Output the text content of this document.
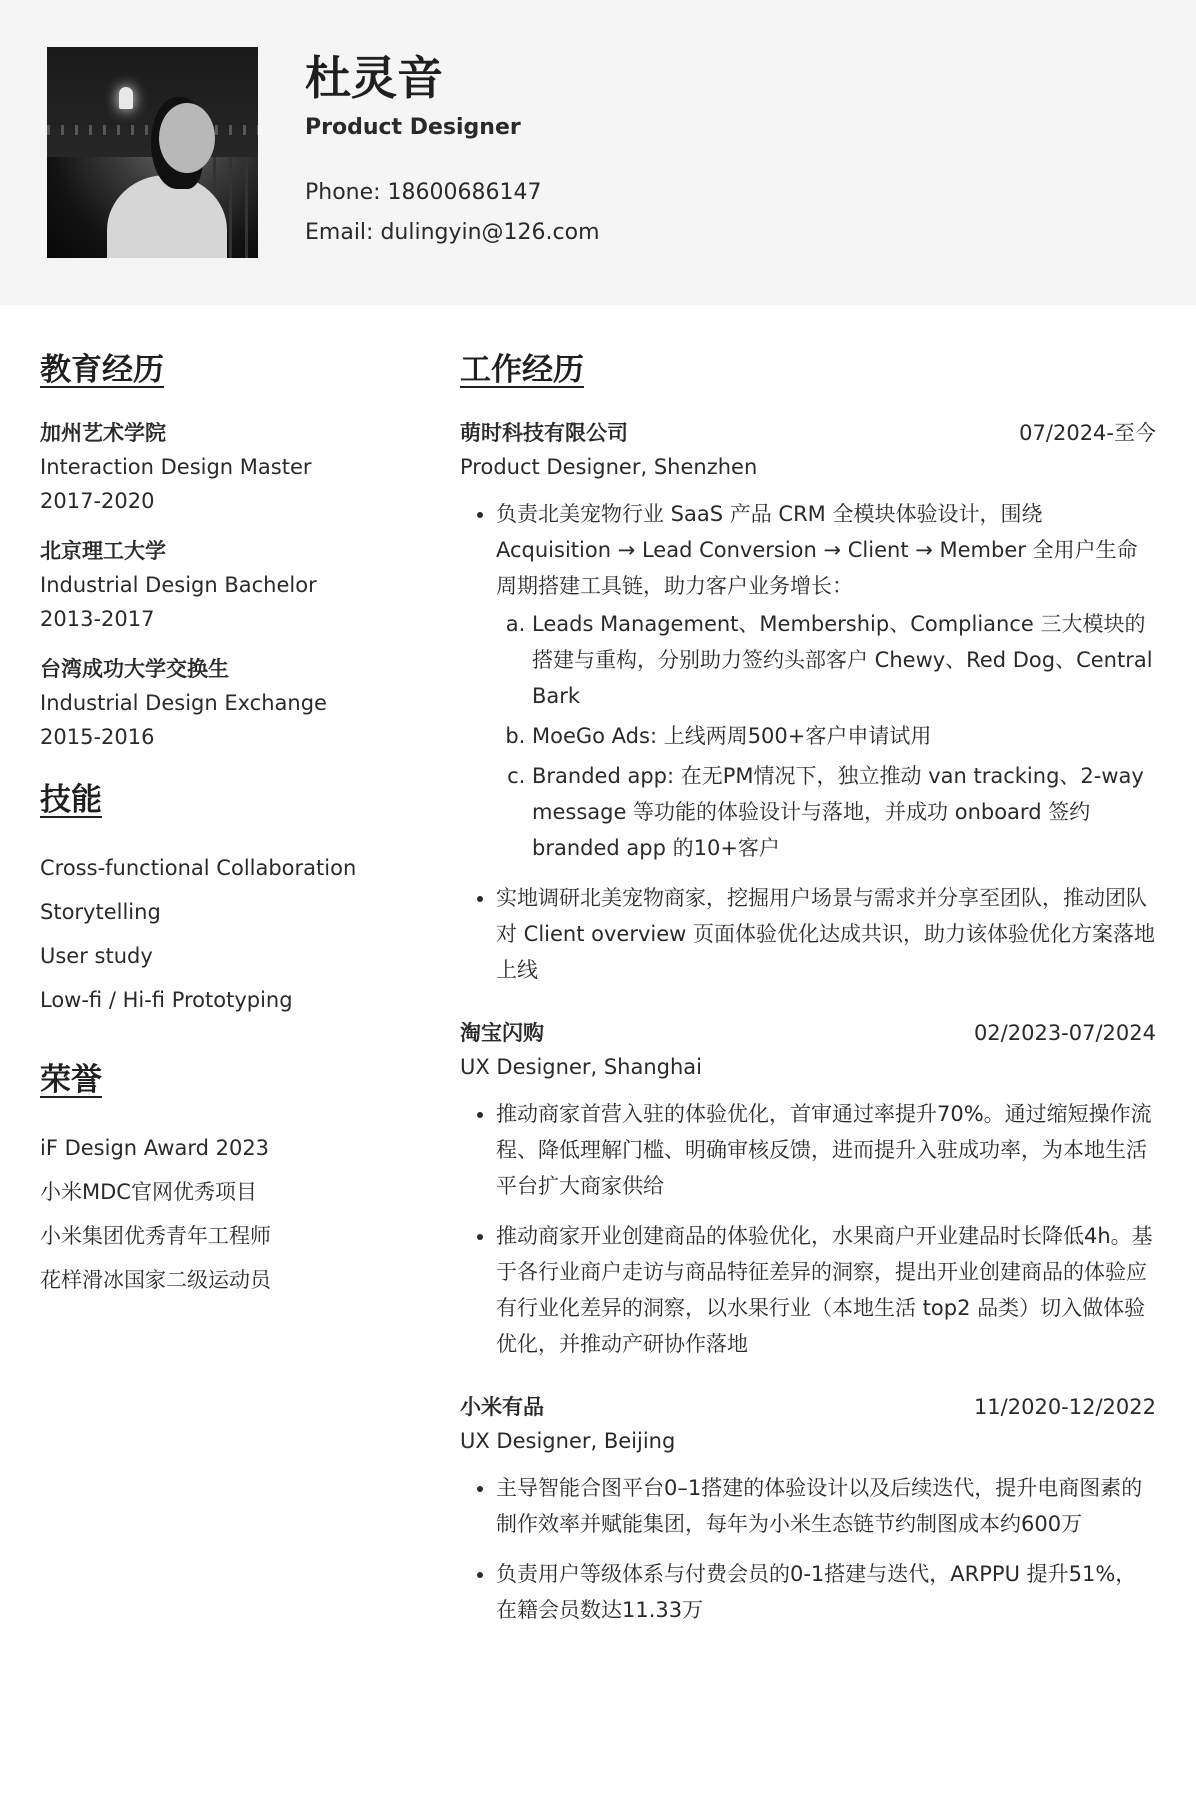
杜灵音
Product Designer
Phone: 18600686147
Email: dulingyin@126.com
教育经历
加州艺术学院
Interaction Design Master
2017-2020
北京理工大学
Industrial Design Bachelor
2013-2017
台湾成功大学交换生
Industrial Design Exchange
2015-2016
技能
Cross-functional Collaboration
Storytelling
User study
Low-fi / Hi-fi Prototyping
荣誉
iF Design Award 2023
小米MDC官网优秀项目
小米集团优秀青年工程师
花样滑冰国家二级运动员
工作经历
萌时科技有限公司	07/2024-至今
Product Designer, Shenzhen
• 负责北美宠物行业 SaaS 产品 CRM 全模块体验设计，围绕 Acquisition → Lead Conversion → Client → Member 全用户生命周期搭建工具链，助力客户业务增长：
a. Leads Management、Membership、Compliance 三大模块的搭建与重构，分别助力签约头部客户 Chewy、Red Dog、Central Bark
b. MoeGo Ads: 上线两周500+客户申请试用
c. Branded app: 在无PM情况下，独立推动 van tracking、2-way message 等功能的体验设计与落地，并成功 onboard 签约 branded app 的10+客户
• 实地调研北美宠物商家，挖掘用户场景与需求并分享至团队，推动团队对 Client overview 页面体验优化达成共识，助力该体验优化方案落地上线
淘宝闪购	02/2023-07/2024
UX Designer, Shanghai
• 推动商家首营入驻的体验优化，首审通过率提升70%。通过缩短操作流程、降低理解门槛、明确审核反馈，进而提升入驻成功率，为本地生活平台扩大商家供给
• 推动商家开业创建商品的体验优化，水果商户开业建品时长降低4h。基于各行业商户走访与商品特征差异的洞察，提出开业创建商品的体验应有行业化差异的洞察，以水果行业（本地生活 top2 品类）切入做体验优化，并推动产研协作落地
小米有品	11/2020-12/2022
UX Designer, Beijing
• 主导智能合图平台0–1搭建的体验设计以及后续迭代，提升电商图素的制作效率并赋能集团，每年为小米生态链节约制图成本约600万
• 负责用户等级体系与付费会员的0-1搭建与迭代，ARPPU 提升51%，在籍会员数达11.33万
